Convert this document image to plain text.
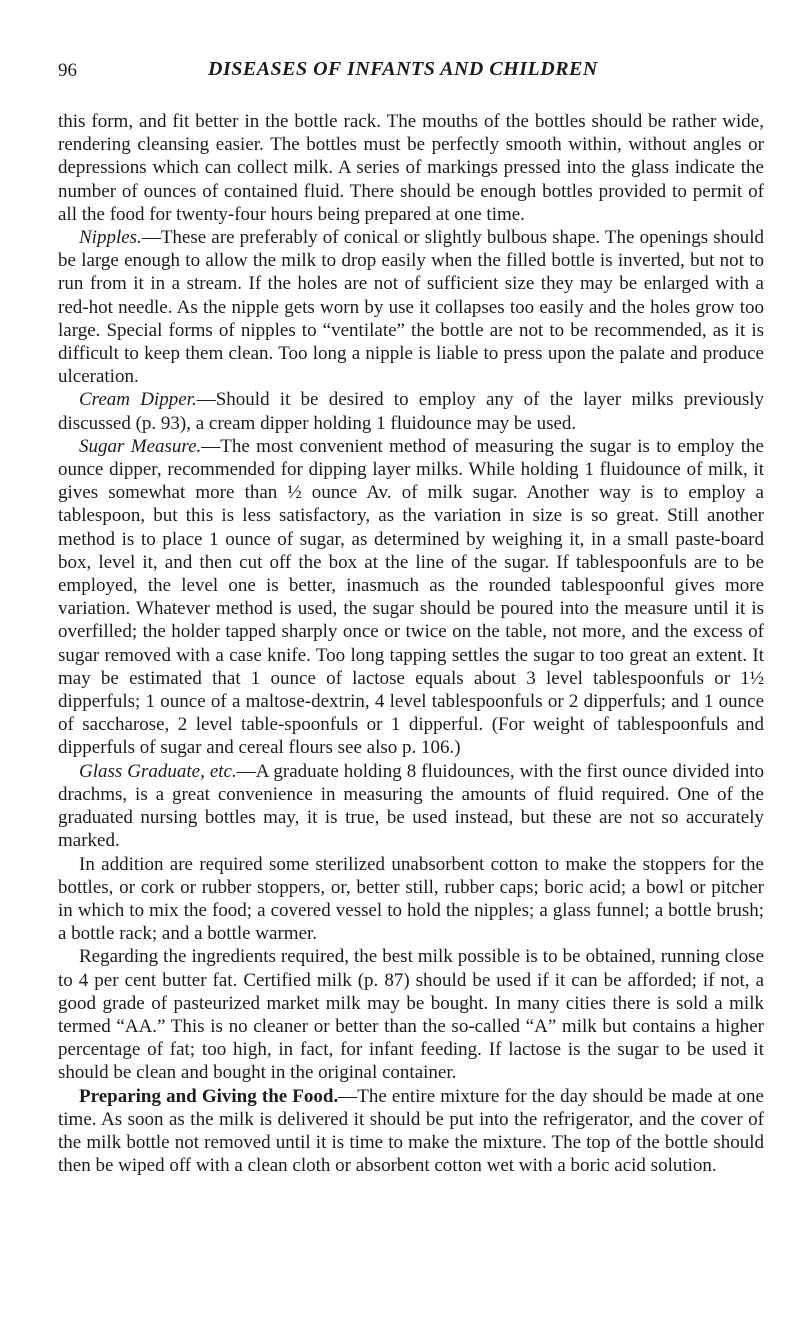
96	DISEASES OF INFANTS AND CHILDREN

this form, and fit better in the bottle rack. The mouths of the bottles should be rather wide, rendering cleansing easier. The bottles must be perfectly smooth within, without angles or depressions which can collect milk. A series of markings pressed into the glass indicate the number of ounces of contained fluid. There should be enough bottles provided to permit of all the food for twenty-four hours being prepared at one time.

Nipples.—These are preferably of conical or slightly bulbous shape. The openings should be large enough to allow the milk to drop easily when the filled bottle is inverted, but not to run from it in a stream. If the holes are not of sufficient size they may be enlarged with a red-hot needle. As the nipple gets worn by use it collapses too easily and the holes grow too large. Special forms of nipples to “ventilate” the bottle are not to be recommended, as it is difficult to keep them clean. Too long a nipple is liable to press upon the palate and produce ulceration.

Cream Dipper.—Should it be desired to employ any of the layer milks previously discussed (p. 93), a cream dipper holding 1 fluidounce may be used.

Sugar Measure.—The most convenient method of measuring the sugar is to employ the ounce dipper, recommended for dipping layer milks. While holding 1 fluidounce of milk, it gives somewhat more than ½ ounce Av. of milk sugar. Another way is to employ a tablespoon, but this is less satisfactory, as the variation in size is so great. Still another method is to place 1 ounce of sugar, as determined by weighing it, in a small paste-board box, level it, and then cut off the box at the line of the sugar. If tablespoonfuls are to be employed, the level one is better, inasmuch as the rounded tablespoonful gives more variation. Whatever method is used, the sugar should be poured into the measure until it is overfilled; the holder tapped sharply once or twice on the table, not more, and the excess of sugar removed with a case knife. Too long tapping settles the sugar to too great an extent. It may be estimated that 1 ounce of lactose equals about 3 level tablespoonfuls or 1½ dipperfuls; 1 ounce of a maltose-dextrin, 4 level tablespoonfuls or 2 dipperfuls; and 1 ounce of saccharose, 2 level table-spoonfuls or 1 dipperful. (For weight of tablespoonfuls and dipperfuls of sugar and cereal flours see also p. 106.)

Glass Graduate, etc.—A graduate holding 8 fluidounces, with the first ounce divided into drachms, is a great convenience in measuring the amounts of fluid required. One of the graduated nursing bottles may, it is true, be used instead, but these are not so accurately marked.

In addition are required some sterilized unabsorbent cotton to make the stoppers for the bottles, or cork or rubber stoppers, or, better still, rubber caps; boric acid; a bowl or pitcher in which to mix the food; a covered vessel to hold the nipples; a glass funnel; a bottle brush; a bottle rack; and a bottle warmer.

Regarding the ingredients required, the best milk possible is to be obtained, running close to 4 per cent butter fat. Certified milk (p. 87) should be used if it can be afforded; if not, a good grade of pasteurized market milk may be bought. In many cities there is sold a milk termed “AA.” This is no cleaner or better than the so-called “A” milk but contains a higher percentage of fat; too high, in fact, for infant feeding. If lactose is the sugar to be used it should be clean and bought in the original container.

Preparing and Giving the Food.—The entire mixture for the day should be made at one time. As soon as the milk is delivered it should be put into the refrigerator, and the cover of the milk bottle not removed until it is time to make the mixture. The top of the bottle should then be wiped off with a clean cloth or absorbent cotton wet with a boric acid solution.
